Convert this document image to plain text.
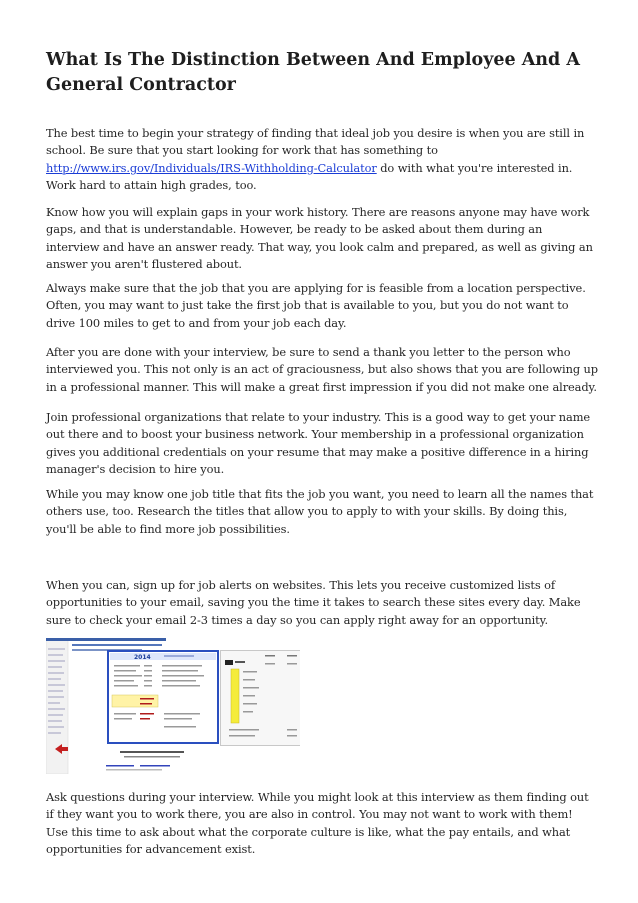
What Is The Distinction Between And Employee And A General Contractor

The best time to begin your strategy of finding that ideal job you desire is when you are still in school. Be sure that you start looking for work that has something to http://www.irs.gov/Individuals/IRS-Withholding-Calculator do with what you're interested in. Work hard to attain high grades, too.

Know how you will explain gaps in your work history. There are reasons anyone may have work gaps, and that is understandable. However, be ready to be asked about them during an interview and have an answer ready. That way, you look calm and prepared, as well as giving an answer you aren't flustered about.

Always make sure that the job that you are applying for is feasible from a location perspective. Often, you may want to just take the first job that is available to you, but you do not want to drive 100 miles to get to and from your job each day.

After you are done with your interview, be sure to send a thank you letter to the person who interviewed you. This not only is an act of graciousness, but also shows that you are following up in a professional manner. This will make a great first impression if you did not make one already.

Join professional organizations that relate to your industry. This is a good way to get your name out there and to boost your business network. Your membership in a professional organization gives you additional credentials on your resume that may make a positive difference in a hiring manager's decision to hire you.

While you may know one job title that fits the job you want, you need to learn all the names that others use, too. Research the titles that allow you to apply to with your skills. By doing this, you'll be able to find more job possibilities.

When you can, sign up for job alerts on websites. This lets you receive customized lists of opportunities to your email, saving you the time it takes to search these sites every day. Make sure to check your email 2-3 times a day so you can apply right away for an opportunity.

2014

Ask questions during your interview. While you might look at this interview as them finding out if they want you to work there, you are also in control. You may not want to work with them! Use this time to ask about what the corporate culture is like, what the pay entails, and what opportunities for advancement exist.
